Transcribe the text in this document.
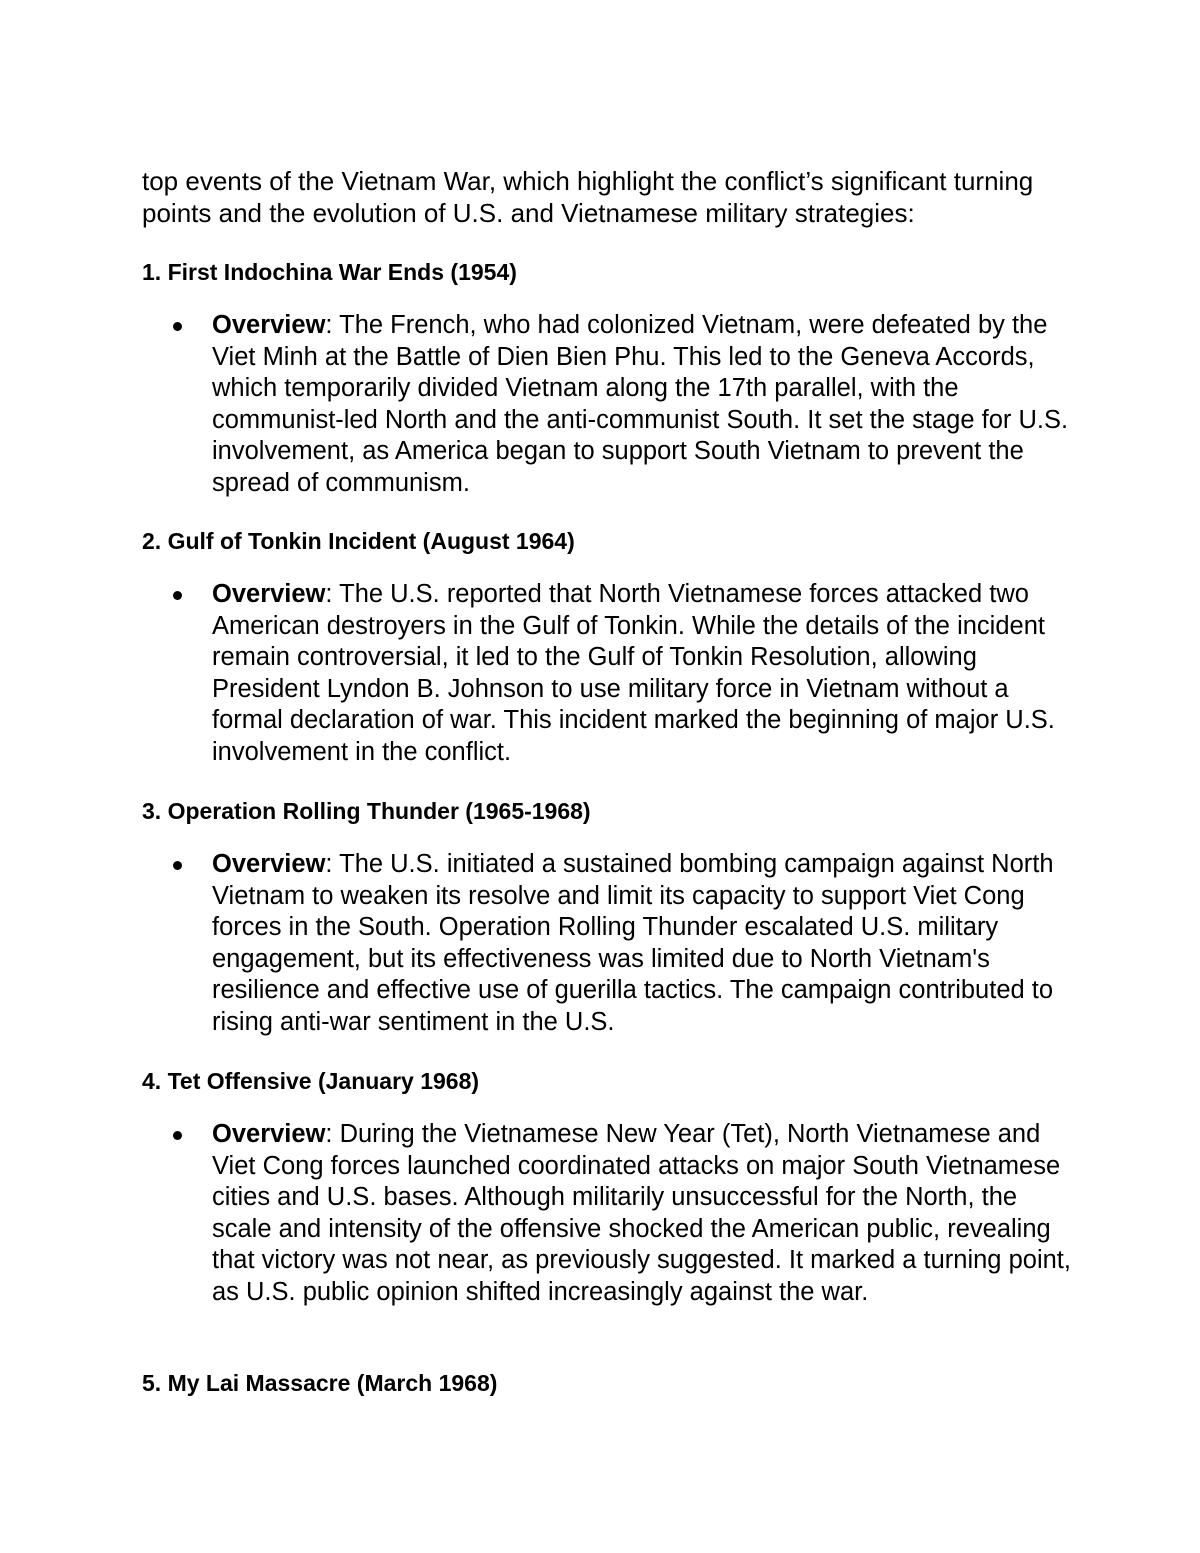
top events of the Vietnam War, which highlight the conflict’s significant turning points and the evolution of U.S. and Vietnamese military strategies:

1. First Indochina War Ends (1954)

Overview: The French, who had colonized Vietnam, were defeated by the Viet Minh at the Battle of Dien Bien Phu. This led to the Geneva Accords, which temporarily divided Vietnam along the 17th parallel, with the communist-led North and the anti-communist South. It set the stage for U.S. involvement, as America began to support South Vietnam to prevent the spread of communism.

2. Gulf of Tonkin Incident (August 1964)

Overview: The U.S. reported that North Vietnamese forces attacked two American destroyers in the Gulf of Tonkin. While the details of the incident remain controversial, it led to the Gulf of Tonkin Resolution, allowing President Lyndon B. Johnson to use military force in Vietnam without a formal declaration of war. This incident marked the beginning of major U.S. involvement in the conflict.

3. Operation Rolling Thunder (1965-1968)

Overview: The U.S. initiated a sustained bombing campaign against North Vietnam to weaken its resolve and limit its capacity to support Viet Cong forces in the South. Operation Rolling Thunder escalated U.S. military engagement, but its effectiveness was limited due to North Vietnam's resilience and effective use of guerilla tactics. The campaign contributed to rising anti-war sentiment in the U.S.

4. Tet Offensive (January 1968)

Overview: During the Vietnamese New Year (Tet), North Vietnamese and Viet Cong forces launched coordinated attacks on major South Vietnamese cities and U.S. bases. Although militarily unsuccessful for the North, the scale and intensity of the offensive shocked the American public, revealing that victory was not near, as previously suggested. It marked a turning point, as U.S. public opinion shifted increasingly against the war.

5. My Lai Massacre (March 1968)
